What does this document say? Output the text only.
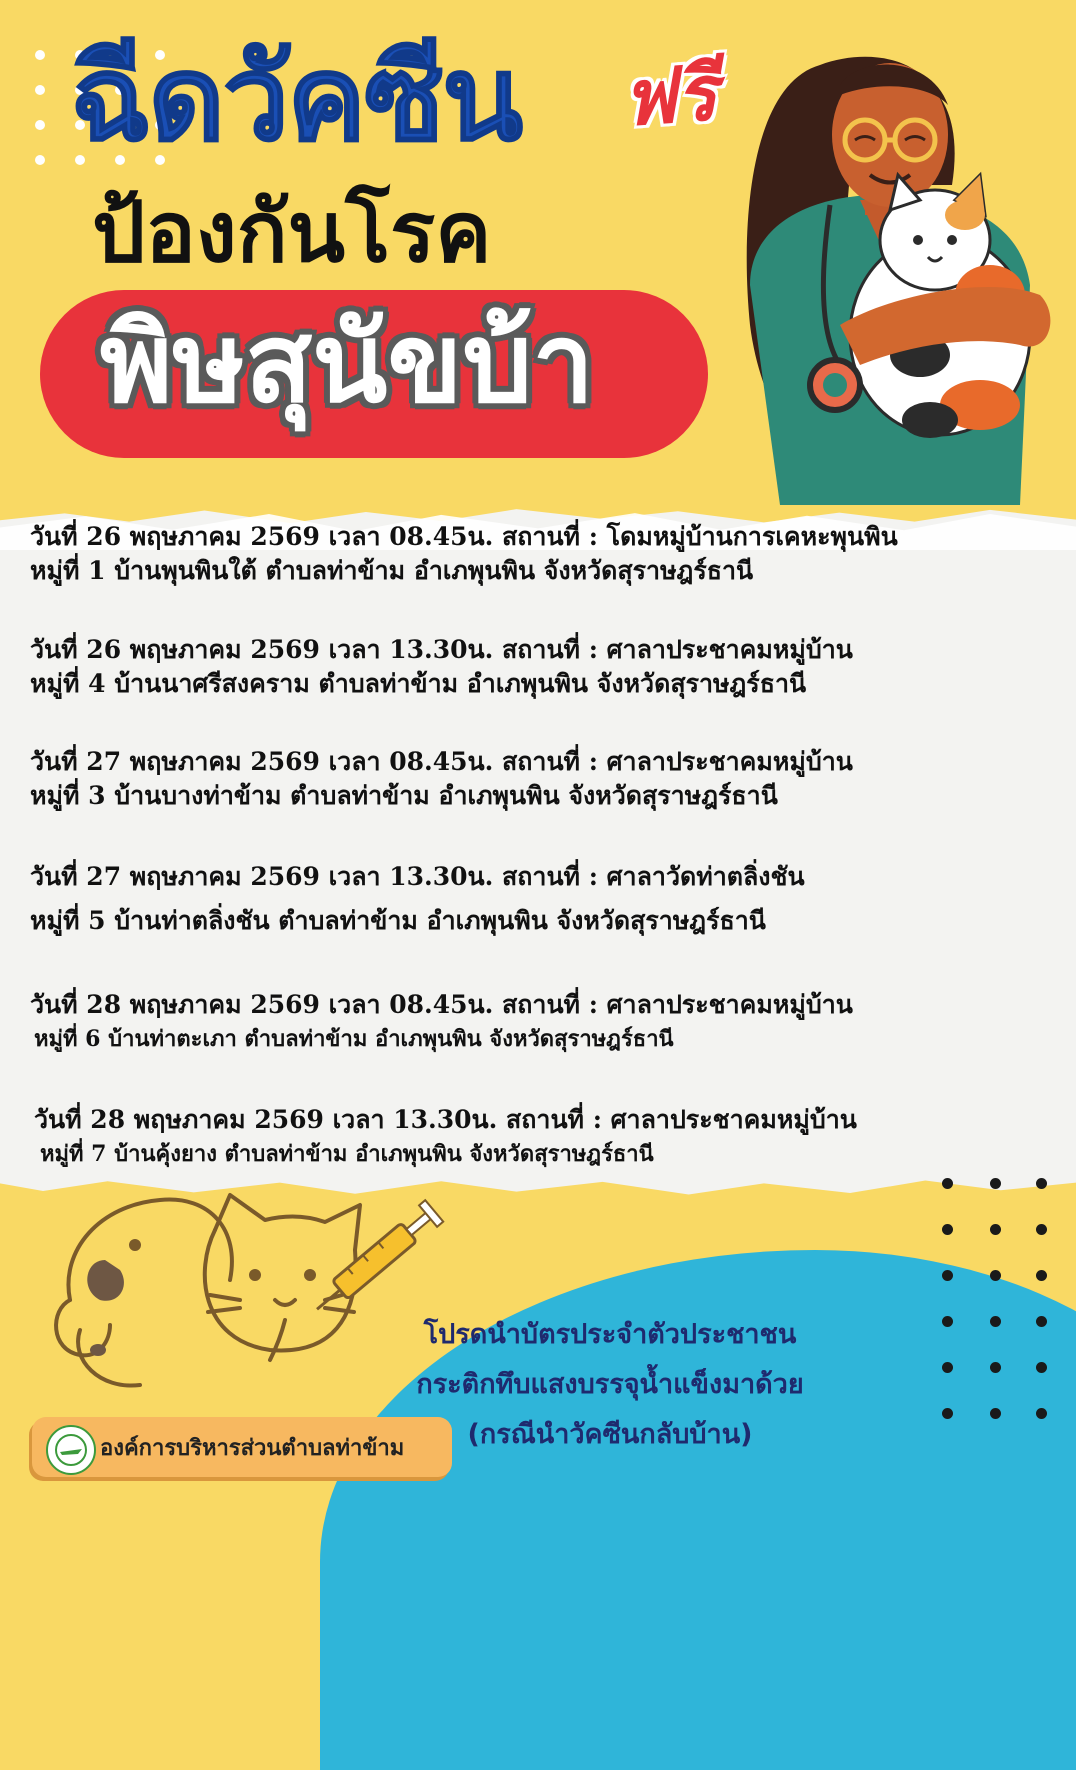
ฉีดวัคซีน ฟรี
ป้องกันโรค
พิษสุนัขบ้า
วันที่ 26 พฤษภาคม 2569 เวลา 08.45น. สถานที่ : โดมหมู่บ้านการเคหะพุนพิน
หมู่ที่ 1 บ้านพุนพินใต้ ตำบลท่าข้าม อำเภพุนพิน จังหวัดสุราษฎร์ธานี
วันที่ 26 พฤษภาคม 2569 เวลา 13.30น. สถานที่ : ศาลาประชาคมหมู่บ้าน
หมู่ที่ 4 บ้านนาศรีสงคราม ตำบลท่าข้าม อำเภพุนพิน จังหวัดสุราษฎร์ธานี
วันที่ 27 พฤษภาคม 2569 เวลา 08.45น. สถานที่ : ศาลาประชาคมหมู่บ้าน
หมู่ที่ 3 บ้านบางท่าข้าม ตำบลท่าข้าม อำเภพุนพิน จังหวัดสุราษฎร์ธานี
วันที่ 27 พฤษภาคม 2569 เวลา 13.30น. สถานที่ : ศาลาวัดท่าตลิ่งชัน
หมู่ที่ 5 บ้านท่าตลิ่งชัน ตำบลท่าข้าม อำเภพุนพิน จังหวัดสุราษฎร์ธานี
วันที่ 28 พฤษภาคม 2569 เวลา 08.45น. สถานที่ : ศาลาประชาคมหมู่บ้าน
หมู่ที่ 6 บ้านท่าตะเภา ตำบลท่าข้าม อำเภพุนพิน จังหวัดสุราษฎร์ธานี
วันที่ 28 พฤษภาคม 2569 เวลา 13.30น. สถานที่ : ศาลาประชาคมหมู่บ้าน
หมู่ที่ 7 บ้านคุ้งยาง ตำบลท่าข้าม อำเภพุนพิน จังหวัดสุราษฎร์ธานี
โปรดนำบัตรประจำตัวประชาชน
กระติกทึบแสงบรรจุน้ำแข็งมาด้วย
(กรณีนำวัคซีนกลับบ้าน)
องค์การบริหารส่วนตำบลท่าข้าม
